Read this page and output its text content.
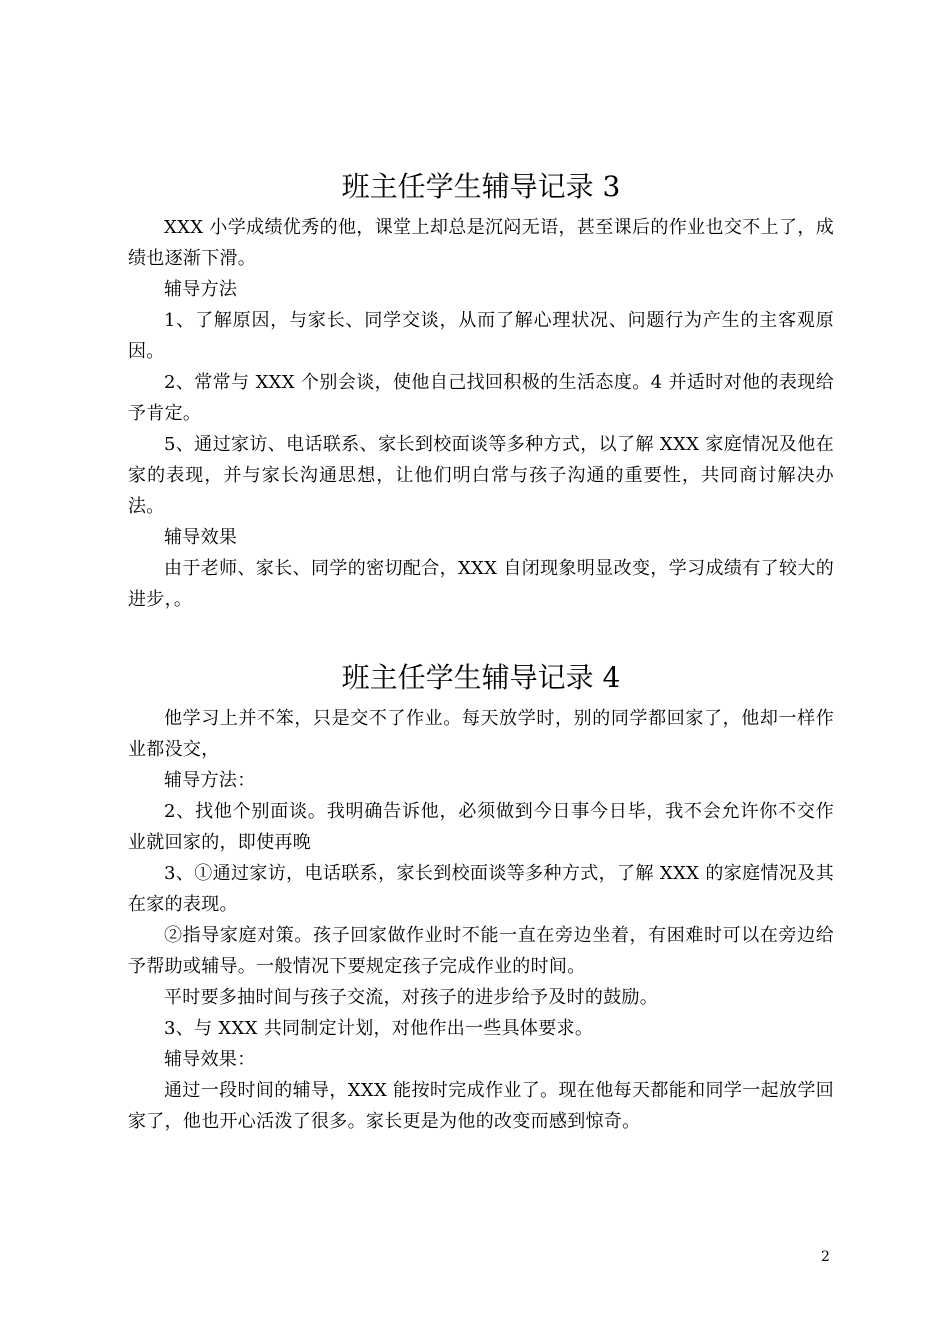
班主任学生辅导记录 3

XXX 小学成绩优秀的他，课堂上却总是沉闷无语，甚至课后的作业也交不上了，成绩也逐渐下滑。

辅导方法

1、了解原因，与家长、同学交谈，从而了解心理状况、问题行为产生的主客观原因。

2、常常与 XXX 个别会谈，使他自己找回积极的生活态度。4 并适时对他的表现给予肯定。

5、通过家访、电话联系、家长到校面谈等多种方式，以了解 XXX 家庭情况及他在家的表现，并与家长沟通思想，让他们明白常与孩子沟通的重要性，共同商讨解决办法。

辅导效果

由于老师、家长、同学的密切配合，XXX 自闭现象明显改变，学习成绩有了较大的进步，。

班主任学生辅导记录 4

他学习上并不笨，只是交不了作业。每天放学时，别的同学都回家了，他却一样作业都没交，

辅导方法：

2、找他个别面谈。我明确告诉他，必须做到今日事今日毕，我不会允许你不交作业就回家的，即使再晚

3、①通过家访，电话联系，家长到校面谈等多种方式，了解 XXX 的家庭情况及其在家的表现。

②指导家庭对策。孩子回家做作业时不能一直在旁边坐着，有困难时可以在旁边给予帮助或辅导。一般情况下要规定孩子完成作业的时间。

平时要多抽时间与孩子交流，对孩子的进步给予及时的鼓励。

3、与 XXX 共同制定计划，对他作出一些具体要求。

辅导效果：

通过一段时间的辅导，XXX 能按时完成作业了。现在他每天都能和同学一起放学回家了，他也开心活泼了很多。家长更是为他的改变而感到惊奇。

2
